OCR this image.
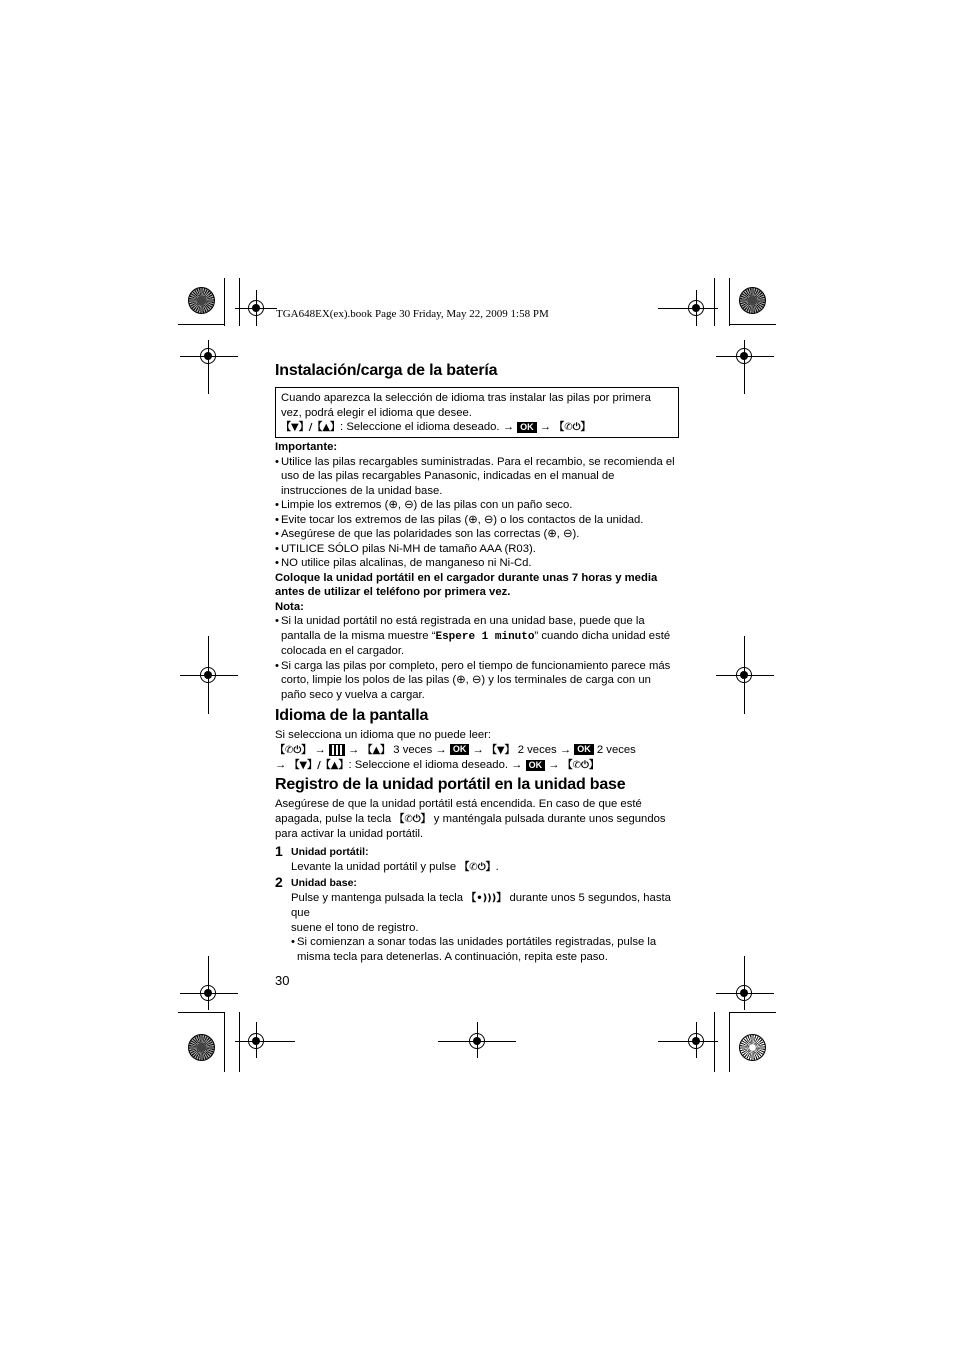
TGA648EX(ex).book Page 30 Friday, May 22, 2009 1:58 PM
Instalación/carga de la batería
Cuando aparezca la selección de idioma tras instalar las pilas por primera
vez, podrá elegir el idioma que desee.
【▼】/【▲】: Seleccione el idioma deseado. → OK → 【✆⏻】
Importante:
• Utilice las pilas recargables suministradas. Para el recambio, se recomienda el
uso de las pilas recargables Panasonic, indicadas en el manual de
instrucciones de la unidad base.
• Limpie los extremos (⊕, ⊖) de las pilas con un paño seco.
• Evite tocar los extremos de las pilas (⊕, ⊖) o los contactos de la unidad.
• Asegúrese de que las polaridades son las correctas (⊕, ⊖).
• UTILICE SÓLO pilas Ni-MH de tamaño AAA (R03).
• NO utilice pilas alcalinas, de manganeso ni Ni-Cd.
Coloque la unidad portátil en el cargador durante unas 7 horas y media
antes de utilizar el teléfono por primera vez.
Nota:
• Si la unidad portátil no está registrada en una unidad base, puede que la
pantalla de la misma muestre “Espere 1 minuto” cuando dicha unidad esté
colocada en el cargador.
• Si carga las pilas por completo, pero el tiempo de funcionamiento parece más
corto, limpie los polos de las pilas (⊕, ⊖) y los terminales de carga con un
paño seco y vuelva a cargar.
Idioma de la pantalla
Si selecciona un idioma que no puede leer:
【✆⏻】 → → 【▲】 3 veces → OK → 【▼】 2 veces → OK 2 veces
→ 【▼】/【▲】: Seleccione el idioma deseado. → OK → 【✆⏻】
Registro de la unidad portátil en la unidad base
Asegúrese de que la unidad portátil está encendida. En caso de que esté
apagada, pulse la tecla 【✆⏻】 y manténgala pulsada durante unos segundos
para activar la unidad portátil.
1 Unidad portátil:
Levante la unidad portátil y pulse 【✆⏻】.
2 Unidad base:
Pulse y mantenga pulsada la tecla 【•)))】 durante unos 5 segundos, hasta que
suene el tono de registro.
• Si comienzan a sonar todas las unidades portátiles registradas, pulse la
misma tecla para detenerlas. A continuación, repita este paso.
30
